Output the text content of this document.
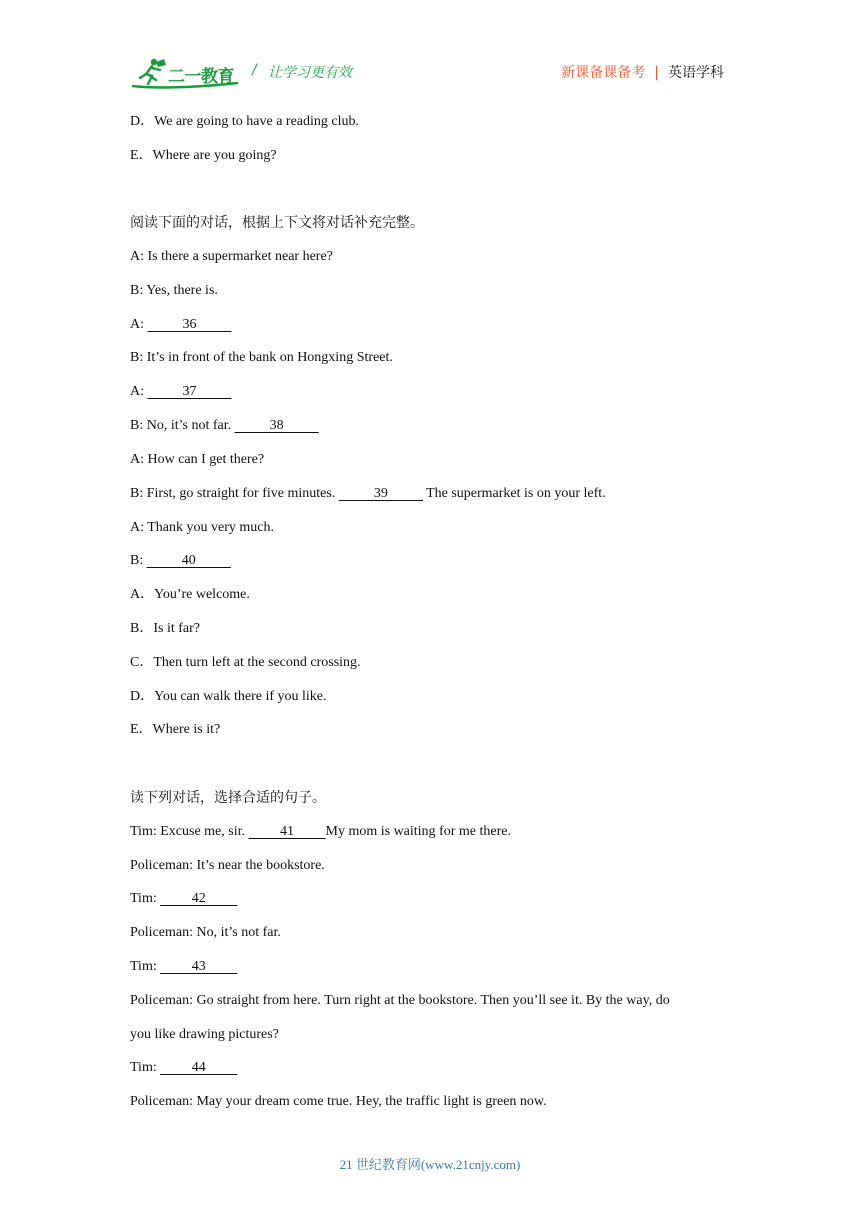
二一教育 / 让学习更有效	新课备课备考 | 英语学科
D．We are going to have a reading club.
E．Where are you going?
阅读下面的对话，根据上下文将对话补充完整。
A: Is there a supermarket near here?
B: Yes, there is.
A:	36
B: It’s in front of the bank on Hongxing Street.
A:	37
B: No, it’s not far.	38
A: How can I get there?
B: First, go straight for five minutes.	39	The supermarket is on your left.
A: Thank you very much.
B:	40
A．You’re welcome.
B．Is it far?
C．Then turn left at the second crossing.
D．You can walk there if you like.
E．Where is it?
读下列对话，选择合适的句子。
Tim: Excuse me, sir.          41 My mom is waiting for me there.
Policeman: It’s near the bookstore.
Tim:          42
Policeman: No, it’s not far.
Tim:          43
Policeman: Go straight from here. Turn right at the bookstore. Then you’ll see it. By the way, do
you like drawing pictures?
Tim:          44
Policeman: May your dream come true. Hey, the traffic light is green now.
21 世纪教育网(www.21cnjy.com)
